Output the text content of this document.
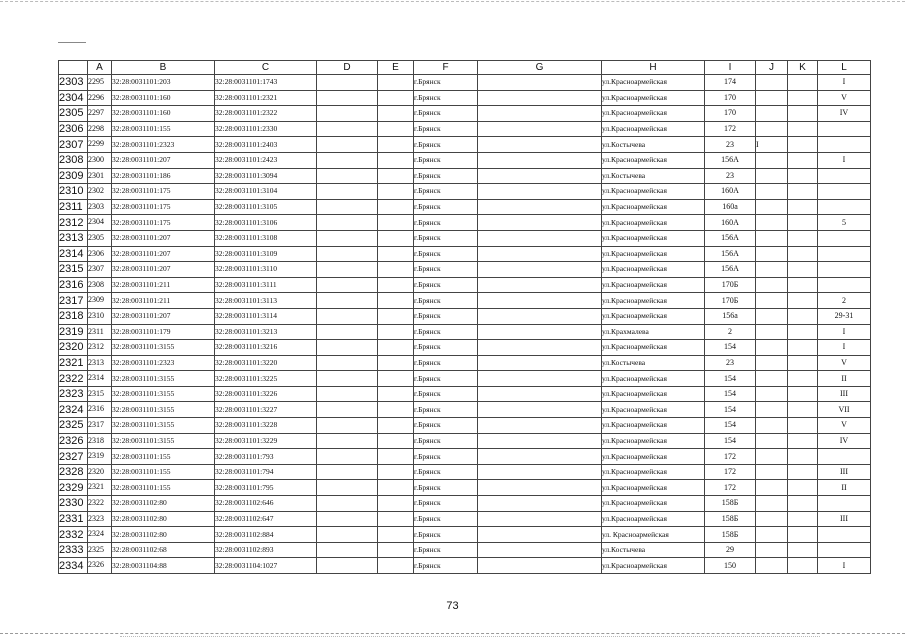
	A	B	C	D	E	F	G	H	I	J	K	L
2303	2295	32:28:0031101:203	32:28:0031101:1743			г.Брянск		ул.Красноармейская	174			I
2304	2296	32:28:0031101:160	32:28:0031101:2321			г.Брянск		ул.Красноармейская	170			V
2305	2297	32:28:0031101:160	32:28:0031101:2322			г.Брянск		ул.Красноармейская	170			IV
2306	2298	32:28:0031101:155	32:28:0031101:2330			г.Брянск		ул.Красноармейская	172			
2307	2299	32:28:0031101:2323	32:28:0031101:2403			г.Брянск		ул.Костычева	23	I		
2308	2300	32:28:0031101:207	32:28:0031101:2423			г.Брянск		ул.Красноармейская	156А			I
2309	2301	32:28:0031101:186	32:28:0031101:3094			г.Брянск		ул.Костычева	23			
2310	2302	32:28:0031101:175	32:28:0031101:3104			г.Брянск		ул.Красноармейская	160А			
2311	2303	32:28:0031101:175	32:28:0031101:3105			г.Брянск		ул.Красноармейская	160а			
2312	2304	32:28:0031101:175	32:28:0031101:3106			г.Брянск		ул.Красноармейская	160А			5
2313	2305	32:28:0031101:207	32:28:0031101:3108			г.Брянск		ул.Красноармейская	156А			
2314	2306	32:28:0031101:207	32:28:0031101:3109			г.Брянск		ул.Красноармейская	156А			
2315	2307	32:28:0031101:207	32:28:0031101:3110			г.Брянск		ул.Красноармейская	156А			
2316	2308	32:28:0031101:211	32:28:0031101:3111			г.Брянск		ул.Красноармейская	170Б			
2317	2309	32:28:0031101:211	32:28:0031101:3113			г.Брянск		ул.Красноармейская	170Б			2
2318	2310	32:28:0031101:207	32:28:0031101:3114			г.Брянск		ул.Красноармейская	156а			29-31
2319	2311	32:28:0031101:179	32:28:0031101:3213			г.Брянск		ул.Крахмалева	2			I
2320	2312	32:28:0031101:3155	32:28:0031101:3216			г.Брянск		ул.Красноармейская	154			I
2321	2313	32:28:0031101:2323	32:28:0031101:3220			г.Брянск		ул.Костычева	23			V
2322	2314	32:28:0031101:3155	32:28:0031101:3225			г.Брянск		ул.Красноармейская	154			II
2323	2315	32:28:0031101:3155	32:28:0031101:3226			г.Брянск		ул.Красноармейская	154			III
2324	2316	32:28:0031101:3155	32:28:0031101:3227			г.Брянск		ул.Красноармейская	154			VII
2325	2317	32:28:0031101:3155	32:28:0031101:3228			г.Брянск		ул.Красноармейская	154			V
2326	2318	32:28:0031101:3155	32:28:0031101:3229			г.Брянск		ул.Красноармейская	154			IV
2327	2319	32:28:0031101:155	32:28:0031101:793			г.Брянск		ул.Красноармейская	172			
2328	2320	32:28:0031101:155	32:28:0031101:794			г.Брянск		ул.Красноармейская	172			III
2329	2321	32:28:0031101:155	32:28:0031101:795			г.Брянск		ул.Красноармейская	172			II
2330	2322	32:28:0031102:80	32:28:0031102:646			г.Брянск		ул.Красноармейская	158Б			
2331	2323	32:28:0031102:80	32:28:0031102:647			г.Брянск		ул.Красноармейская	158Б			III
2332	2324	32:28:0031102:80	32:28:0031102:884			г.Брянск		ул. Красноармейская	158Б			
2333	2325	32:28:0031102:68	32:28:0031102:893			г.Брянск		ул.Костычева	29			
2334	2326	32:28:0031104:88	32:28:0031104:1027			г.Брянск		ул.Красноармейская	150			I
73
